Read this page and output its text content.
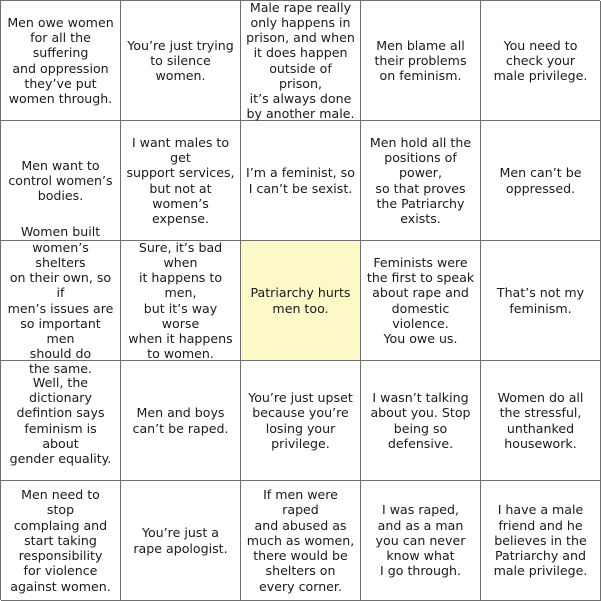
Men owe women
for all the suffering
and oppression
they’ve put
women through.
You’re just trying
to silence women.
Male rape really
only happens in
prison, and when
it does happen
outside of prison,
it’s always done
by another male.
Men blame all
their problems
on feminism.
You need to
check your
male privilege.
Men want to
control women’s
bodies.
I want males to get
support services,
but not at
women’s expense.
I’m a feminist, so
I can’t be sexist.
Men hold all the
positions of power,
so that proves
the Patriarchy
exists.
Men can’t be
oppressed.
Women built
women’s shelters
on their own, so if
men’s issues are
so important men
should do
the same.
Sure, it’s bad when
it happens to men,
but it’s way worse
when it happens
to women.
Patriarchy hurts
men too.
Feminists were
the first to speak
about rape and
domestic violence.
You owe us.
That’s not my
feminism.
Well, the dictionary
defintion says
feminism is about
gender equality.
Men and boys
can’t be raped.
You’re just upset
because you’re
losing your
privilege.
I wasn’t talking
about you. Stop
being so
defensive.
Women do all
the stressful,
unthanked
housework.
Men need to stop
complaing and
start taking
responsibility
for violence
against women.
You’re just a
rape apologist.
If men were raped
and abused as
much as women,
there would be
shelters on
every corner.
I was raped,
and as a man
you can never
know what
I go through.
I have a male
friend and he
believes in the
Patriarchy and
male privilege.
